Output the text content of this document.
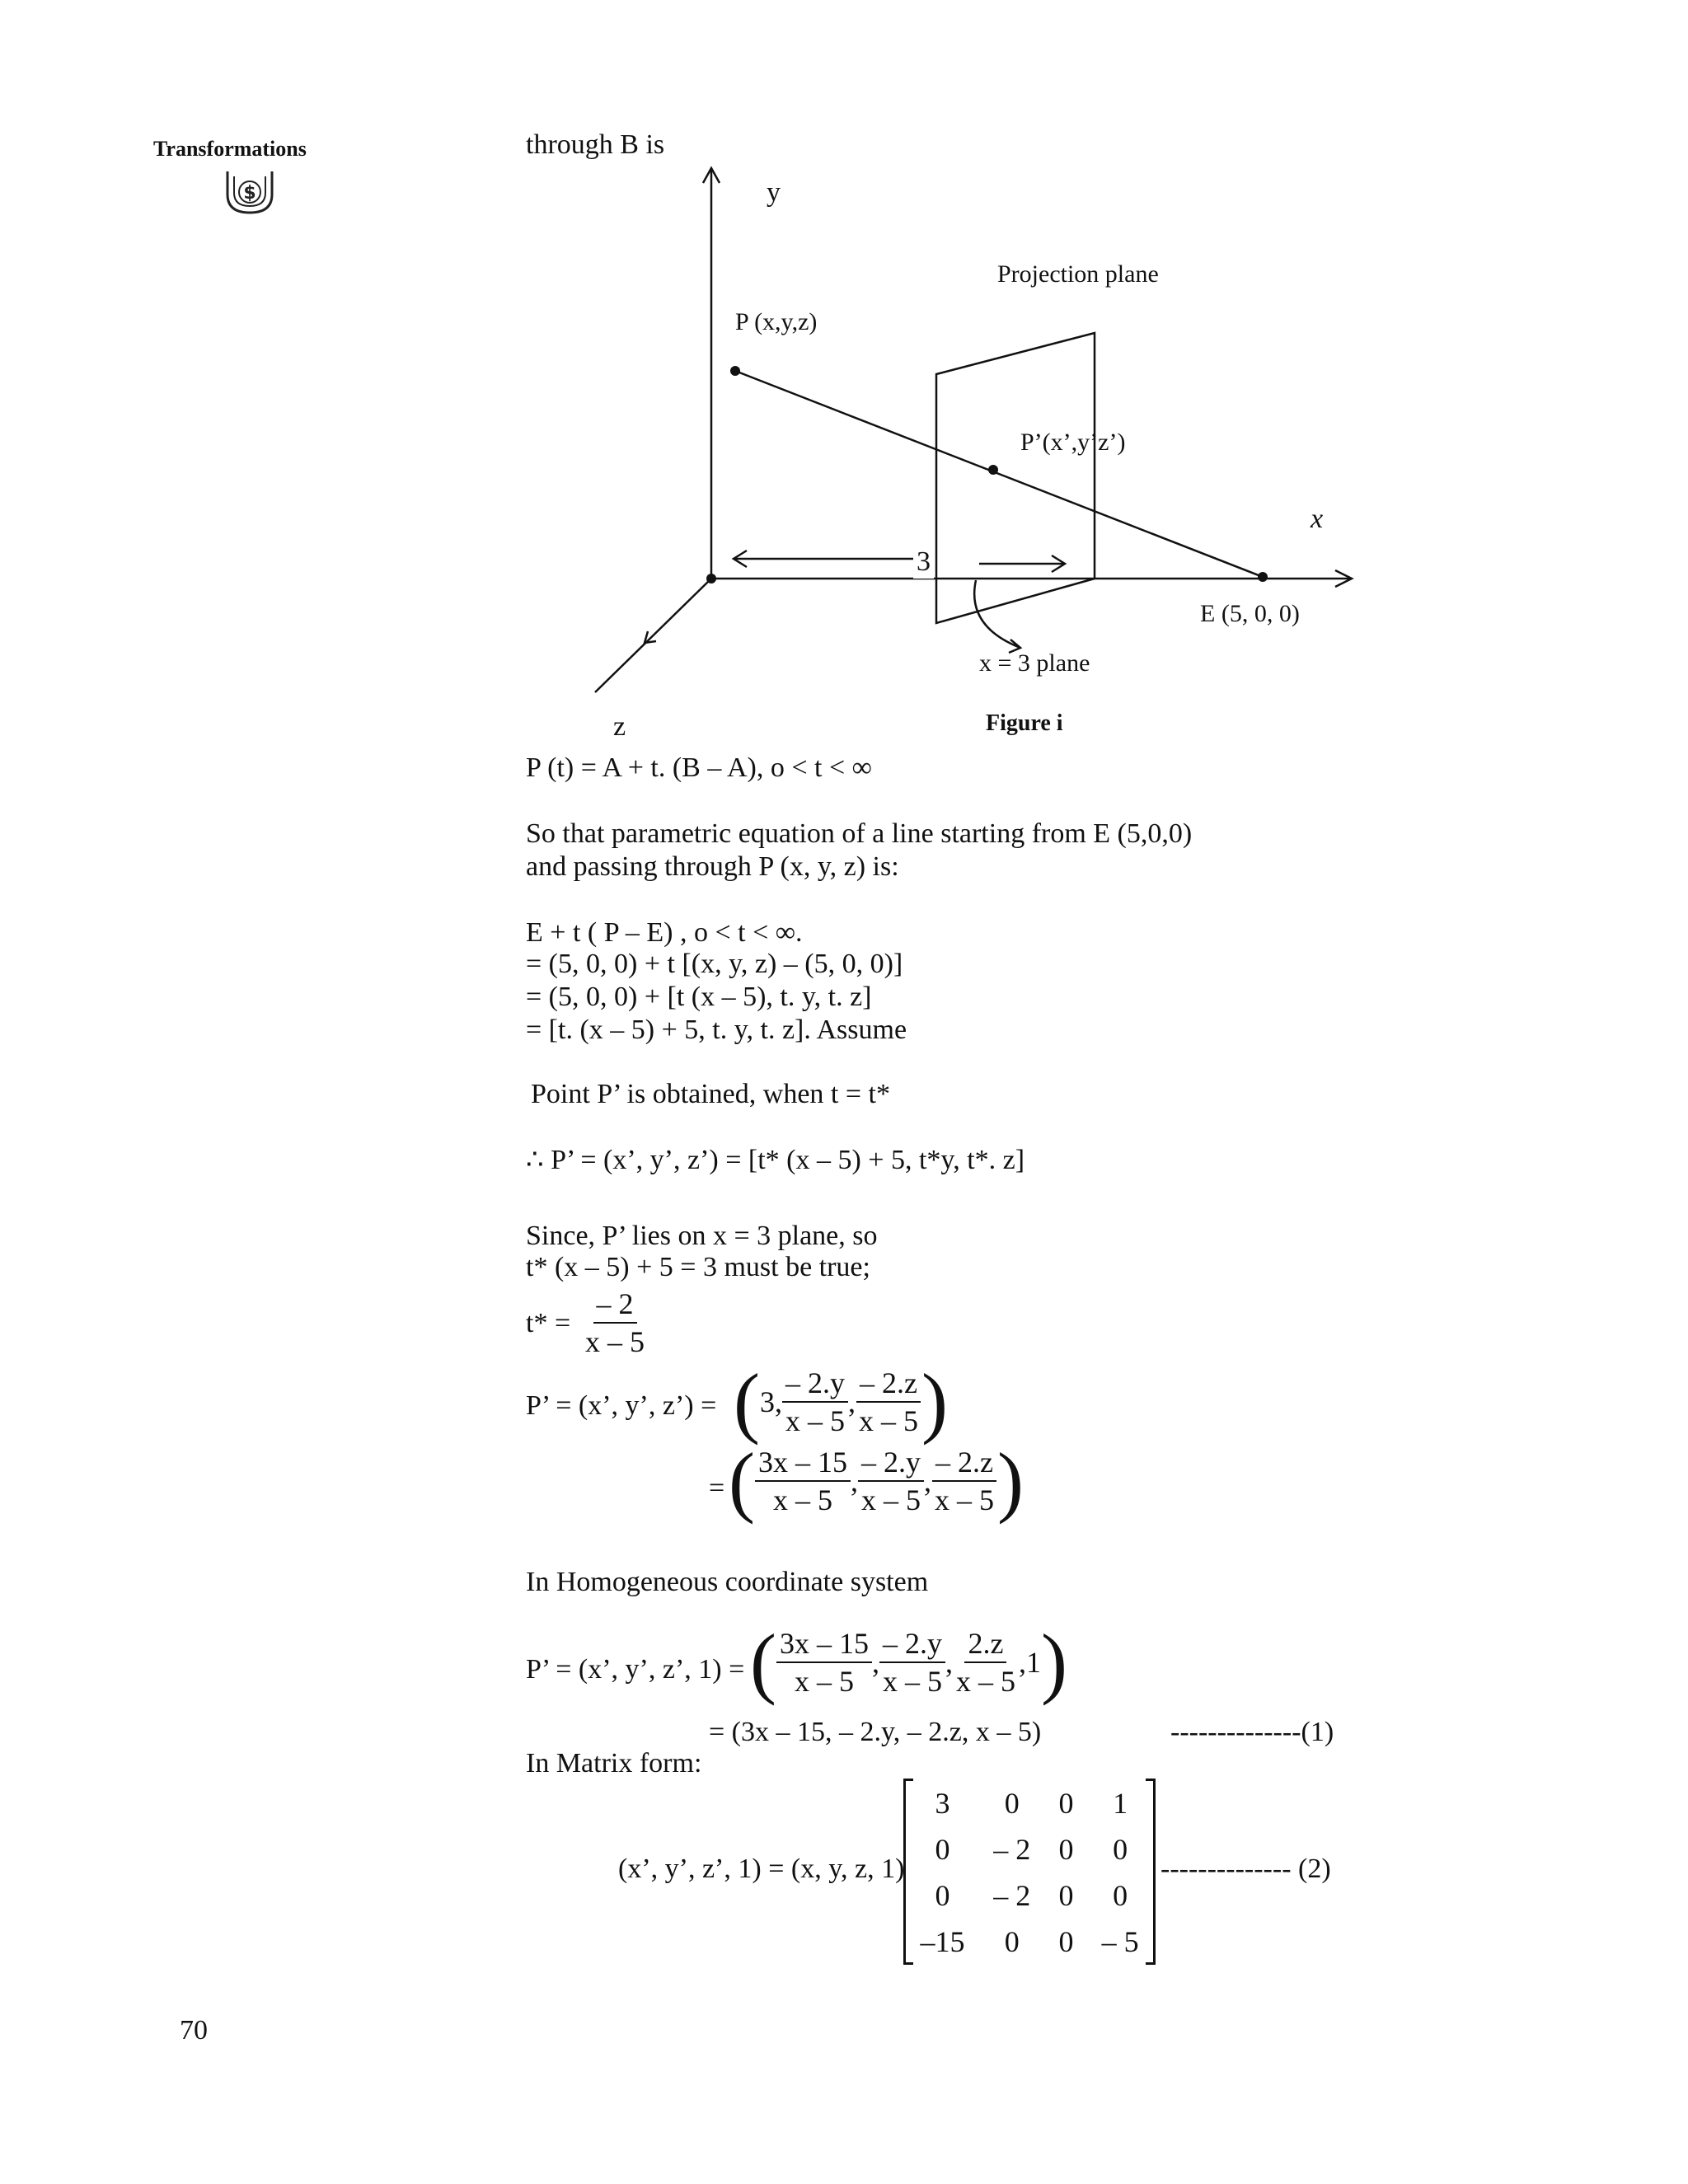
Transformations
$
through B is
y
x
z
Projection plane
P (x,y,z)
P’(x’,y’z’)
E (5, 0, 0)
3
x = 3 plane
Figure i
P (t) = A + t. (B – A), o < t < ∞
So that parametric equation of a line starting from E (5,0,0)
and passing through P (x, y, z) is:
E + t ( P – E) , o < t < ∞.
= (5, 0, 0) + t [(x, y, z) – (5, 0, 0)]
= (5, 0, 0) + [t (x – 5), t. y, t. z]
= [t. (x – 5) + 5, t. y, t. z]. Assume
Point P’ is obtained, when t = t*
∴ P’ = (x’, y’, z’) = [t* (x – 5) + 5, t*y, t*. z]
Since, P’ lies on x = 3 plane, so
t* (x – 5) + 5 = 3 must be true;
$t* = \frac{- 2}{x - 5}$
P’ = (x’, y’, z’) = ( 3, $\frac{- 2.y}{x - 5}$ , $\frac{- 2.z}{x - 5}$ )
= ( $\frac{3x - 15}{x - 5}$ , $\frac{- 2.y}{x - 5}$ , $\frac{- 2.z}{x - 5}$ )
In Homogeneous coordinate system
P’ = (x’, y’, z’, 1) = ( $\frac{3x - 15}{x - 5}$ , $\frac{- 2.y}{x - 5}$ , $\frac{2.z}{x - 5} ,1$ )
= (3x – 15, – 2.y, – 2.z, x – 5)	--------------(1)
In Matrix form:
(x’, y’, z’, 1) = (x, y, z, 1)
3	0	0	1
0	– 2	0	0
0	– 2	0	0
–15	0	0	– 5
-------------- (2)
70
